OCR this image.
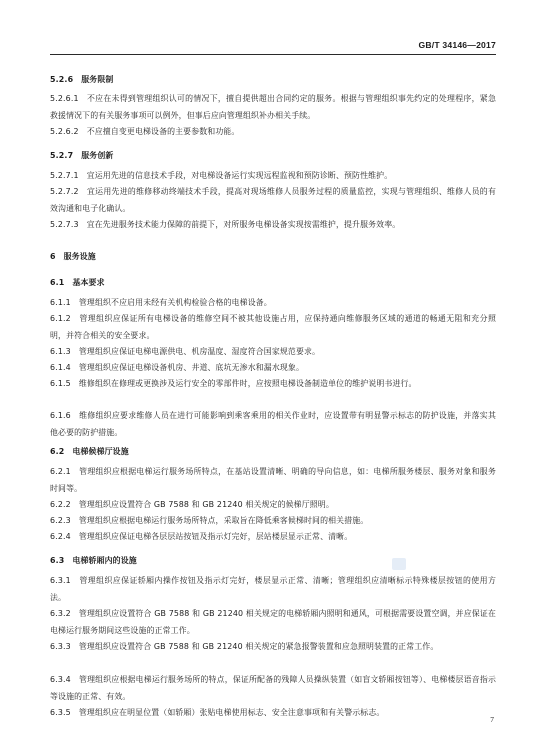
GB/T 34146—2017
5.2.6　服务限制
5.2.6.1　不应在未得到管理组织认可的情况下，擅自提供超出合同约定的服务。根据与管理组织事先约定的处理程序，紧急救援情况下的有关服务事项可以例外，但事后应向管理组织补办相关手续。
5.2.6.2　不应擅自变更电梯设备的主要参数和功能。
5.2.7　服务创新
5.2.7.1　宜运用先进的信息技术手段，对电梯设备运行实现远程监视和预防诊断、预防性维护。
5.2.7.2　宜运用先进的维修移动终端技术手段，提高对现场维修人员服务过程的质量监控，实现与管理组织、维修人员的有效沟通和电子化确认。
5.2.7.3　宜在先进服务技术能力保障的前提下，对所服务电梯设备实现按需维护，提升服务效率。
6　服务设施
6.1　基本要求
6.1.1　管理组织不应启用未经有关机构检验合格的电梯设备。
6.1.2　管理组织应保证所有电梯设备的维修空间不被其他设施占用，应保持通向维修服务区域的通道的畅通无阻和充分照明，并符合相关的安全要求。
6.1.3　管理组织应保证电梯电源供电、机房温度、湿度符合国家规范要求。
6.1.4　管理组织应保证电梯设备机房、井道、底坑无渗水和漏水现象。
6.1.5　维修组织在修理或更换涉及运行安全的零部件时，应按照电梯设备制造单位的维护说明书进行。
6.1.6　维修组织应要求维修人员在进行可能影响到乘客乘用的相关作业时，应设置带有明显警示标志的防护设施，并落实其他必要的防护措施。
6.2　电梯候梯厅设施
6.2.1　管理组织应根据电梯运行服务场所特点，在基站设置清晰、明确的导向信息，如：电梯所服务楼层、服务对象和服务时间等。
6.2.2　管理组织应设置符合 GB 7588 和 GB 21240 相关规定的候梯厅照明。
6.2.3　管理组织应根据电梯运行服务场所特点，采取旨在降低乘客候梯时间的相关措施。
6.2.4　管理组织应保证电梯各层层站按钮及指示灯完好，层站楼层显示正常、清晰。
6.3　电梯轿厢内的设施
6.3.1　管理组织应保证轿厢内操作按钮及指示灯完好，楼层显示正常、清晰；管理组织应清晰标示特殊楼层按钮的使用方法。
6.3.2　管理组织应设置符合 GB 7588 和 GB 21240 相关规定的电梯轿厢内照明和通风，可根据需要设置空调，并应保证在电梯运行服务期间这些设施的正常工作。
6.3.3　管理组织应设置符合 GB 7588 和 GB 21240 相关规定的紧急报警装置和应急照明装置的正常工作。
6.3.4　管理组织应根据电梯运行服务场所的特点，保证所配备的残障人员操纵装置（如盲文轿厢按钮等）、电梯楼层语音指示等设施的正常、有效。
6.3.5　管理组织应在明显位置（如轿厢）张贴电梯使用标志、安全注意事项和有关警示标志。
7
